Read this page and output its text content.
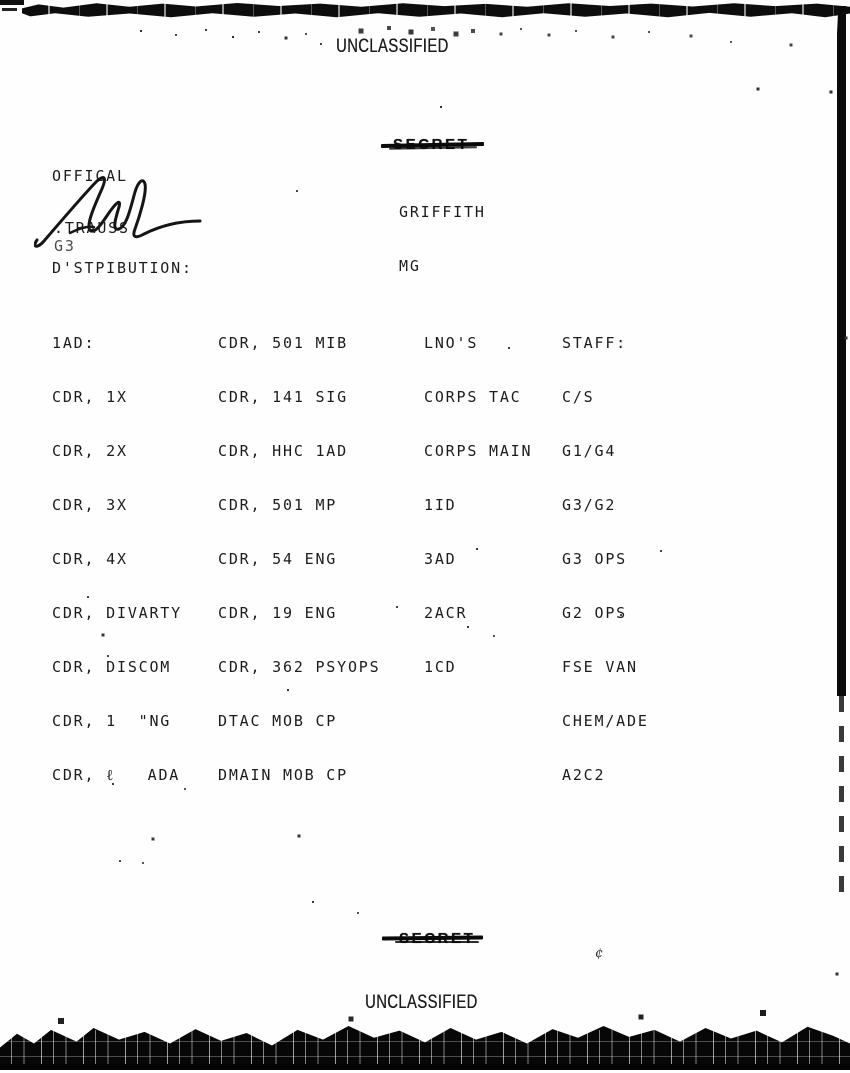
UNCLASSIFIED

GRIFFITH

MG

OFFICAL
.TRAUSS
G3
D'STPIBUTION:

1AD:

CDR, 1X

CDR, 2X

CDR, 3X

CDR, 4X

CDR, DIVARTY

CDR, DISCOM

CDR, 1  "NG

CDR, ℓ   ADA

CDR, 501 MIB

CDR, 141 SIG

CDR, HHC 1AD

CDR, 501 MP

CDR, 54 ENG

CDR, 19 ENG

CDR, 362 PSYOPS

DTAC MOB CP

DMAIN MOB CP

LNO'S

CORPS TAC

CORPS MAIN

1ID

3AD

2ACR

1CD

STAFF:

C/S

G1/G4

G3/G2

G3 OPS

G2 OPS

FSE VAN

CHEM/ADE

A2C2

¢
UNCLASSIFIED
